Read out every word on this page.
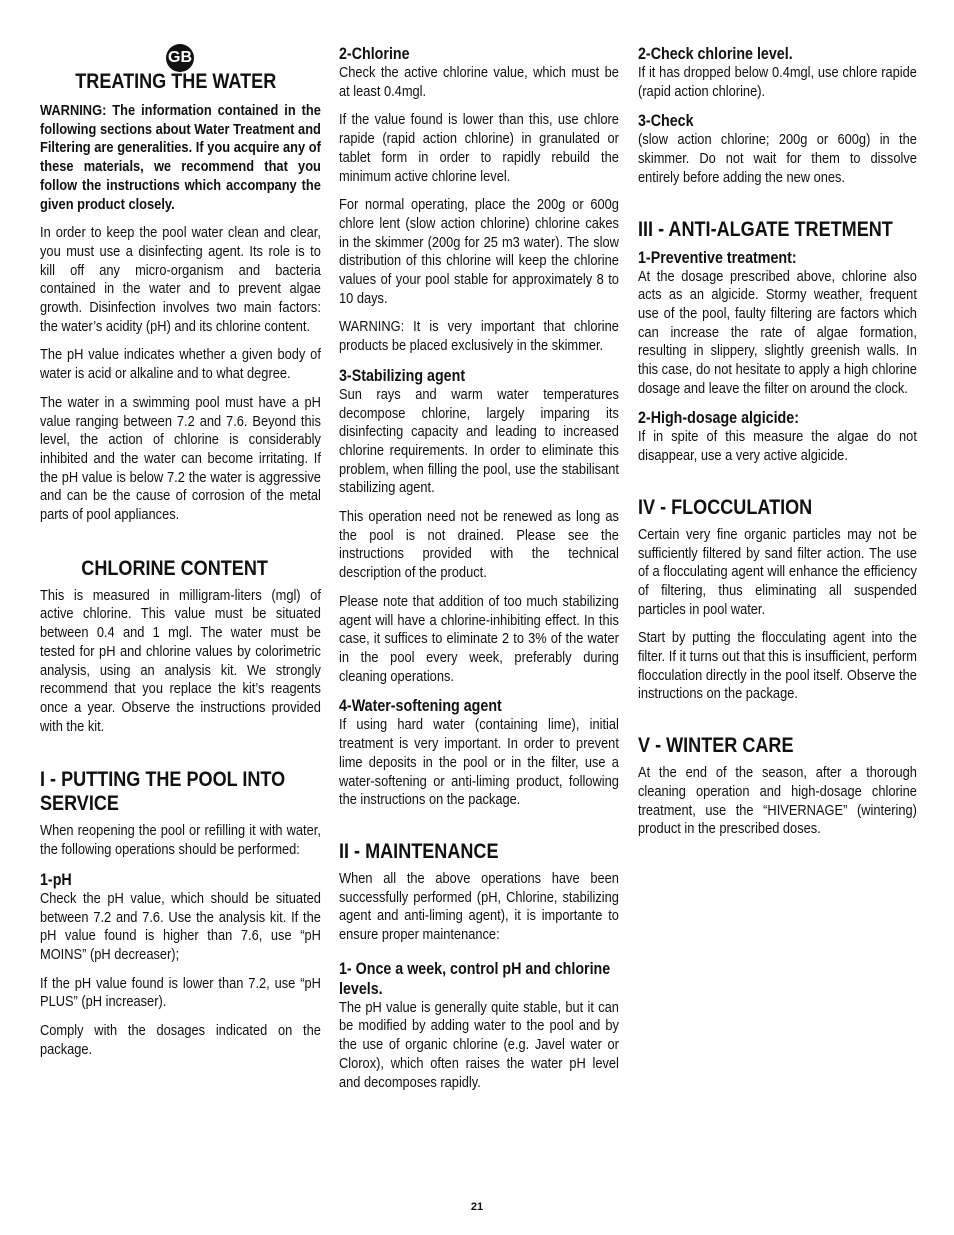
GB
TREATING THE WATER

WARNING: The information contained in the following sections about Water Treatment and Filtering are generalities. If you acquire any of these materials, we recommend that you follow the instructions which accompany the given product closely.

In order to keep the pool water clean and clear, you must use a disinfecting agent. Its role is to kill off any micro-organism and bacteria contained in the water and to prevent algae growth. Disinfection involves two main factors: the water’s acidity (pH) and its chlorine content.

The pH value indicates whether a given body of water is acid or alkaline and to what degree.

The water in a swimming pool must have a pH value ranging between 7.2 and 7.6. Beyond this level, the action of chlorine is considerably inhibited and the water can become irritating. If the pH value is below 7.2 the water is aggressive and can be the cause of corrosion of the metal parts of pool appliances.

CHLORINE CONTENT

This is measured in milligram-liters (mgl) of active chlorine. This value must be situated between 0.4 and 1 mgl. The water must be tested for pH and chlorine values by colorimetric analysis, using an analysis kit. We strongly recommend that you replace the kit’s reagents once a year. Observe the instructions provided with the kit.

I - PUTTING THE POOL INTO SERVICE

When reopening the pool or refilling it with water, the following operations should be performed:

1-pH

Check the pH value, which should be situated between 7.2 and 7.6. Use the analysis kit. If the pH value found is higher than 7.6, use “pH MOINS” (pH decreaser);

If the pH value found is lower than 7.2, use “pH PLUS” (pH increaser).

Comply with the dosages indicated on the package.

2-Chlorine

Check the active chlorine value, which must be at least 0.4mgl.

If the value found is lower than this, use chlore rapide (rapid action chlorine) in granulated or tablet form in order to rapidly rebuild the minimum active chlorine level.

For normal operating, place the 200g or 600g chlore lent (slow action chlorine) chlorine cakes in the skimmer (200g for 25 m3 water). The slow distribution of this chlorine will keep the chlorine values of your pool stable for approximately 8 to 10 days.

WARNING: It is very important that chlorine products be placed exclusively in the skimmer.

3-Stabilizing agent

Sun rays and warm water temperatures decompose chlorine, largely imparing its disinfecting capacity and leading to increased chlorine requirements. In order to eliminate this problem, when filling the pool, use the stabilisant stabilizing agent.

This operation need not be renewed as long as the pool is not drained. Please see the instructions provided with the technical description of the product.

Please note that addition of too much stabilizing agent will have a chlorine-inhibiting effect. In this case, it suffices to eliminate 2 to 3% of the water in the pool every week, preferably during cleaning operations.

4-Water-softening agent

If using hard water (containing lime), initial treatment is very important. In order to prevent lime deposits in the pool or in the filter, use a water-softening or anti-liming product, following the instructions on the package.

II - MAINTENANCE

When all the above operations have been successfully performed (pH, Chlorine, stabilizing agent and anti-liming agent), it is importante to ensure proper maintenance:

1- Once a week, control pH and chlorine levels.

The pH value is generally quite stable, but it can be modified by adding water to the pool and by the use of organic chlorine (e.g. Javel water or Clorox), which often raises the water pH level and decomposes rapidly.

2-Check chlorine level.

If it has dropped below 0.4mgl, use chlore rapide (rapid action chlorine).

3-Check

(slow action chlorine; 200g or 600g) in the skimmer. Do not wait for them to dissolve entirely before adding the new ones.

III - ANTI-ALGATE TRETMENT
1-Preventive treatment:

At the dosage prescribed above, chlorine also acts as an algicide. Stormy weather, frequent use of the pool, faulty filtering are factors which can increase the rate of algae formation, resulting in slippery, slightly greenish walls. In this case, do not hesitate to apply a high chlorine dosage and leave the filter on around the clock.

2-High-dosage algicide:

If in spite of this measure the algae do not disappear, use a very active algicide.

IV - FLOCCULATION

Certain very fine organic particles may not be sufficiently filtered by sand filter action. The use of a flocculating agent will enhance the efficiency of filtering, thus eliminating all suspended particles in pool water.

Start by putting the flocculating agent into the filter. If it turns out that this is insufficient, perform flocculation directly in the pool itself. Observe the instructions on the package.

V - WINTER CARE

At the end of the season, after a thorough cleaning operation and high-dosage chlorine treatment, use the “HIVERNAGE” (wintering) product in the prescribed doses.

21
